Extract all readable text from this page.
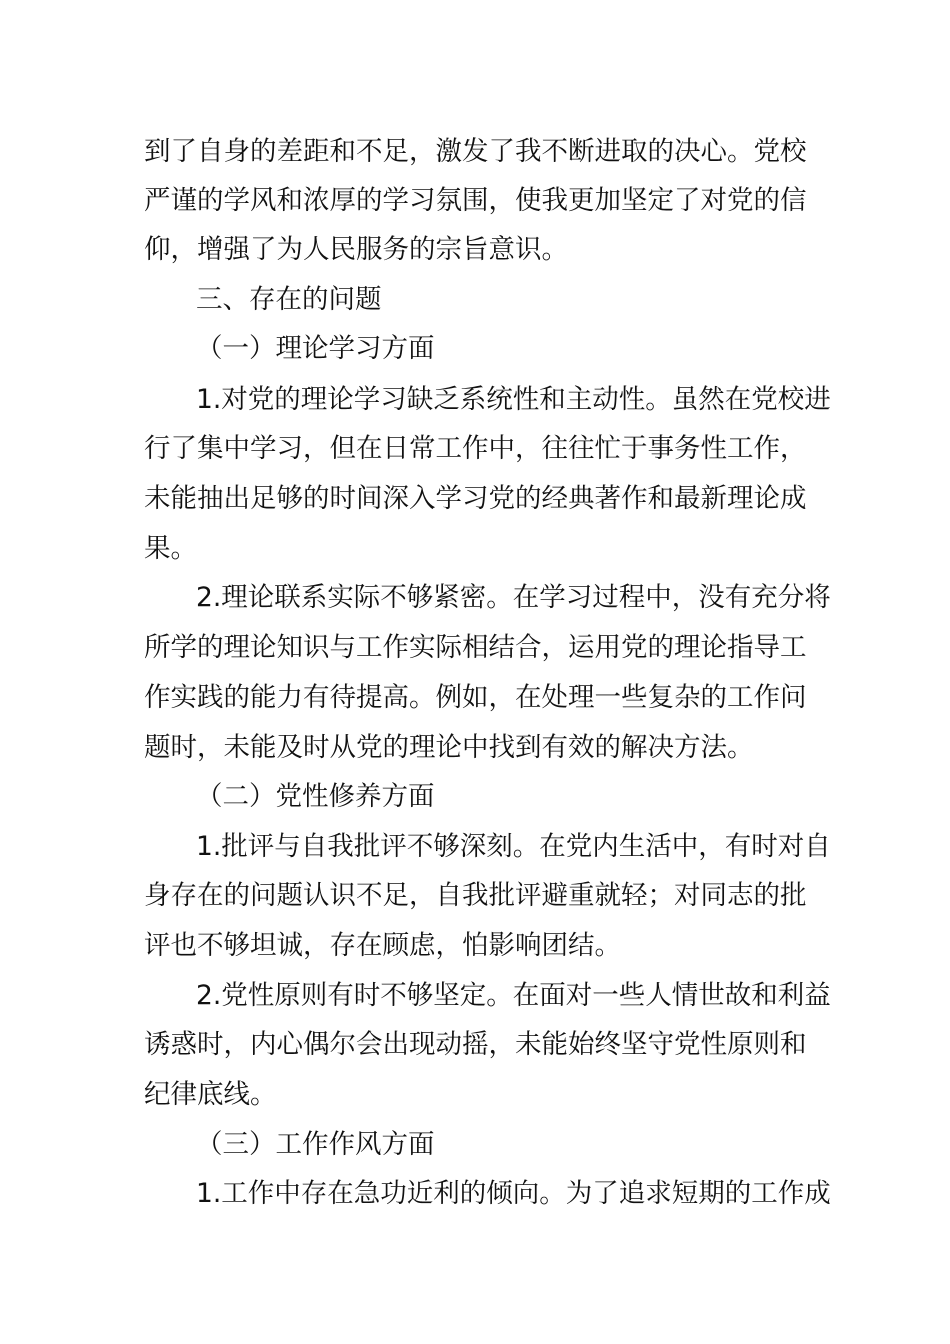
到了自身的差距和不足，激发了我不断进取的决心。党校
严谨的学风和浓厚的学习氛围，使我更加坚定了对党的信
仰，增强了为人民服务的宗旨意识。
三、存在的问题
（一）理论学习方面
1.对党的理论学习缺乏系统性和主动性。虽然在党校进
行了集中学习，但在日常工作中，往往忙于事务性工作，
未能抽出足够的时间深入学习党的经典著作和最新理论成
果。
2.理论联系实际不够紧密。在学习过程中，没有充分将
所学的理论知识与工作实际相结合，运用党的理论指导工
作实践的能力有待提高。例如，在处理一些复杂的工作问
题时，未能及时从党的理论中找到有效的解决方法。
（二）党性修养方面
1.批评与自我批评不够深刻。在党内生活中，有时对自
身存在的问题认识不足，自我批评避重就轻；对同志的批
评也不够坦诚，存在顾虑，怕影响团结。
2.党性原则有时不够坚定。在面对一些人情世故和利益
诱惑时，内心偶尔会出现动摇，未能始终坚守党性原则和
纪律底线。
（三）工作作风方面
1.工作中存在急功近利的倾向。为了追求短期的工作成
